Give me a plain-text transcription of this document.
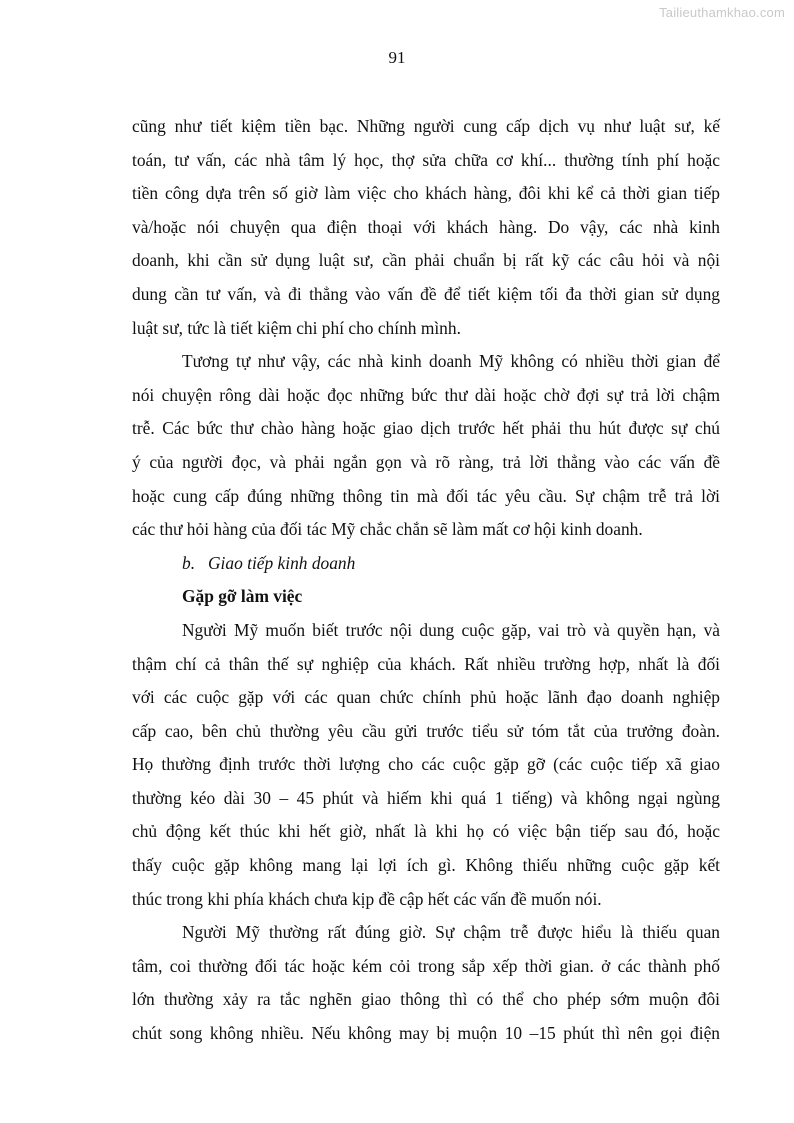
Tailieuthamkhao.com
91

cũng như tiết kiệm tiền bạc. Những người cung cấp dịch vụ như luật sư, kế
toán, tư vấn, các nhà tâm lý học, thợ sửa chữa cơ khí... thường tính phí hoặc
tiền công dựa trên số giờ làm việc cho khách hàng, đôi khi kể cả thời gian tiếp
và/hoặc nói chuyện qua điện thoại với khách hàng. Do vậy, các nhà kinh
doanh, khi cần sử dụng luật sư, cần phải chuẩn bị rất kỹ các câu hỏi và nội
dung cần tư vấn, và đi thẳng vào vấn đề để tiết kiệm tối đa thời gian sử dụng
luật sư, tức là tiết kiệm chi phí cho chính mình.

Tương tự như vậy, các nhà kinh doanh Mỹ không có nhiều thời gian để
nói chuyện rông dài hoặc đọc những bức thư dài hoặc chờ đợi sự trả lời chậm
trễ. Các bức thư chào hàng hoặc giao dịch trước hết phải thu hút được sự chú
ý của người đọc, và phải ngắn gọn và rõ ràng, trả lời thẳng vào các vấn đề
hoặc cung cấp đúng những thông tin mà đối tác yêu cầu. Sự chậm trễ trả lời
các thư hỏi hàng của đối tác Mỹ chắc chắn sẽ làm mất cơ hội kinh doanh.

b. Giao tiếp kinh doanh
Gặp gỡ làm việc

Người Mỹ muốn biết trước nội dung cuộc gặp, vai trò và quyền hạn, và
thậm chí cả thân thế sự nghiệp của khách. Rất nhiều trường hợp, nhất là đối
với các cuộc gặp với các quan chức chính phủ hoặc lãnh đạo doanh nghiệp
cấp cao, bên chủ thường yêu cầu gửi trước tiểu sử tóm tắt của trưởng đoàn.
Họ thường định trước thời lượng cho các cuộc gặp gỡ (các cuộc tiếp xã giao
thường kéo dài 30 – 45 phút và hiếm khi quá 1 tiếng) và không ngại ngùng
chủ động kết thúc khi hết giờ, nhất là khi họ có việc bận tiếp sau đó, hoặc
thấy cuộc gặp không mang lại lợi ích gì. Không thiếu những cuộc gặp kết
thúc trong khi phía khách chưa kịp đề cập hết các vấn đề muốn nói.

Người Mỹ thường rất đúng giờ. Sự chậm trễ được hiểu là thiếu quan
tâm, coi thường đối tác hoặc kém cỏi trong sắp xếp thời gian. ở các thành phố
lớn thường xảy ra tắc nghẽn giao thông thì có thể cho phép sớm muộn đôi
chút song không nhiều. Nếu không may bị muộn 10 –15 phút thì nên gọi điện
